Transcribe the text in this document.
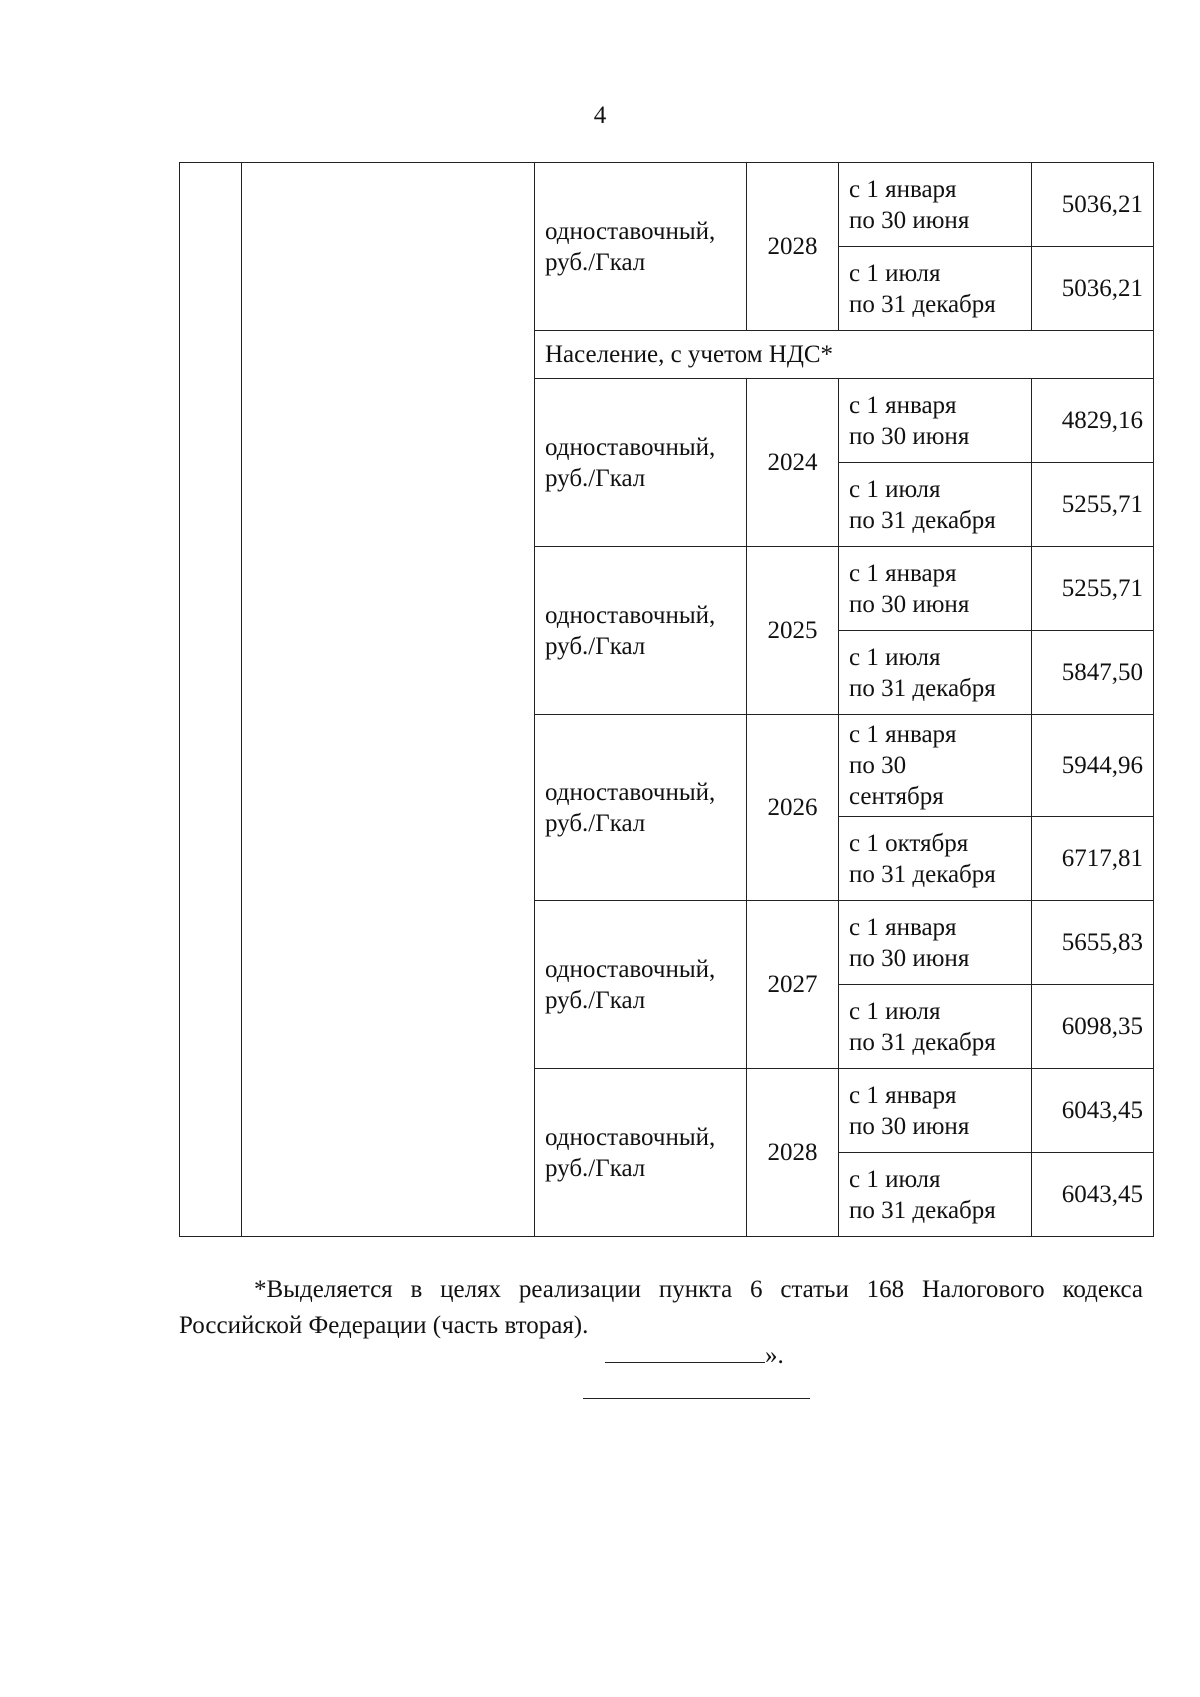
4
		одноставочный,
руб./Гкал	2028	с 1 января
по 30 июня	5036,21
				с 1 июля
по 31 декабря	5036,21
		Население, с учетом НДС*			
		одноставочный,
руб./Гкал	2024	с 1 января
по 30 июня	4829,16
				с 1 июля
по 31 декабря	5255,71
		одноставочный,
руб./Гкал	2025	с 1 января
по 30 июня	5255,71
				с 1 июля
по 31 декабря	5847,50
		одноставочный,
руб./Гкал	2026	с 1 января
по 30
сентября	5944,96
				с 1 октября
по 31 декабря	6717,81
		одноставочный,
руб./Гкал	2027	с 1 января
по 30 июня	5655,83
				с 1 июля
по 31 декабря	6098,35
		одноставочный,
руб./Гкал	2028	с 1 января
по 30 июня	6043,45
				с 1 июля
по 31 декабря	6043,45

*Выделяется в целях реализации пункта 6 статьи 168 Налогового кодекса Российской Федерации (часть вторая).

».
